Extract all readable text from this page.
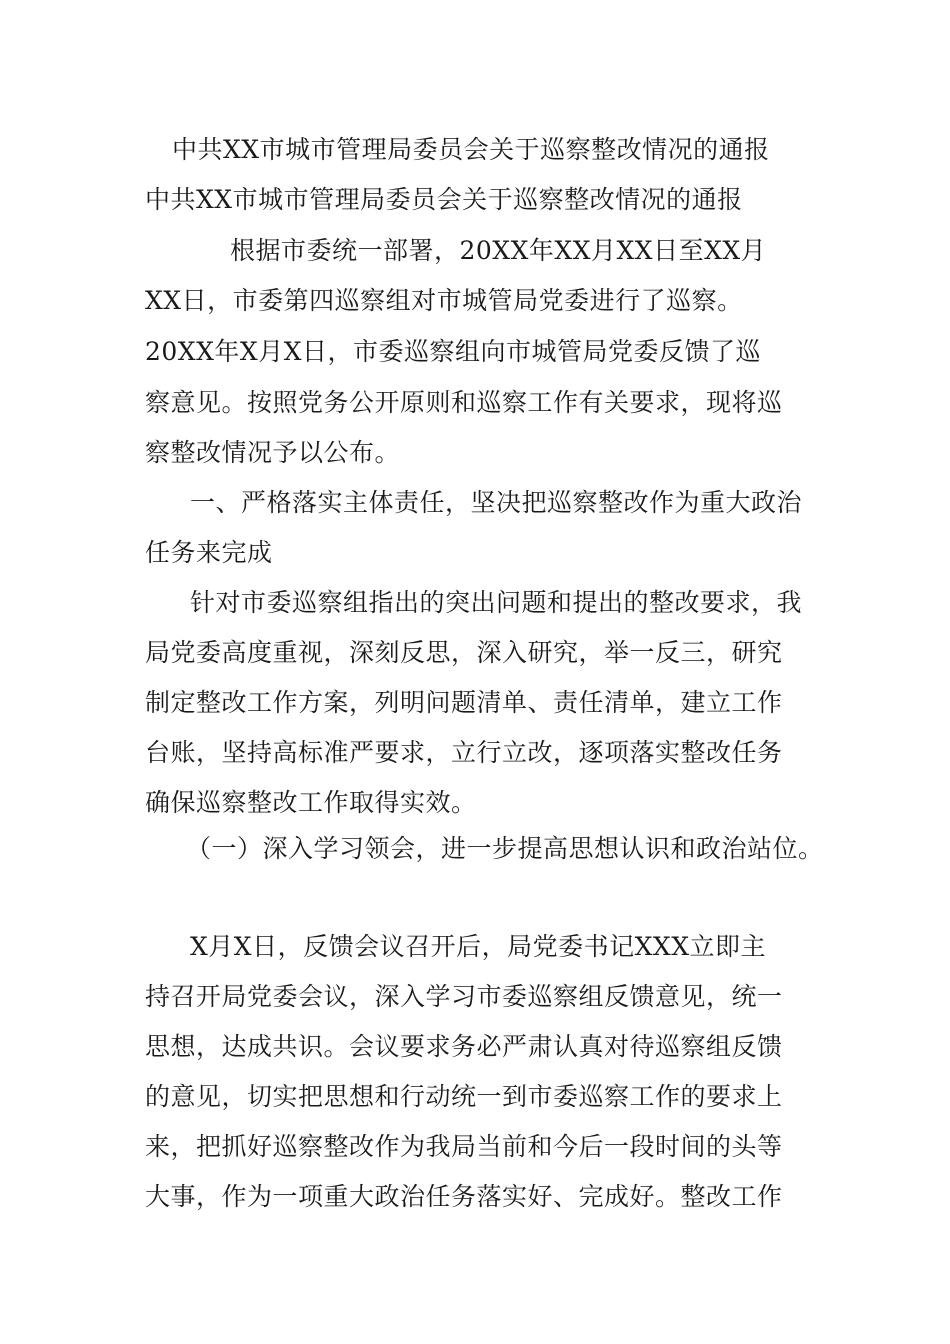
中共XX市城市管理局委员会关于巡察整改情况的通报
中共XX市城市管理局委员会关于巡察整改情况的通报
根据市委统一部署，20XX年XX月XX日至XX月
XX日，市委第四巡察组对市城管局党委进行了巡察。
20XX年X月X日，市委巡察组向市城管局党委反馈了巡
察意见。按照党务公开原则和巡察工作有关要求，现将巡
察整改情况予以公布。
一、严格落实主体责任，坚决把巡察整改作为重大政治
任务来完成
针对市委巡察组指出的突出问题和提出的整改要求，我
局党委高度重视，深刻反思，深入研究，举一反三，研究
制定整改工作方案，列明问题清单、责任清单，建立工作
台账，坚持高标准严要求，立行立改，逐项落实整改任务
确保巡察整改工作取得实效。
（一）深入学习领会，进一步提高思想认识和政治站位。
X月X日，反馈会议召开后，局党委书记XXX立即主
持召开局党委会议，深入学习市委巡察组反馈意见，统一
思想，达成共识。会议要求务必严肃认真对待巡察组反馈
的意见，切实把思想和行动统一到市委巡察工作的要求上
来，把抓好巡察整改作为我局当前和今后一段时间的头等
大事，作为一项重大政治任务落实好、完成好。整改工作
